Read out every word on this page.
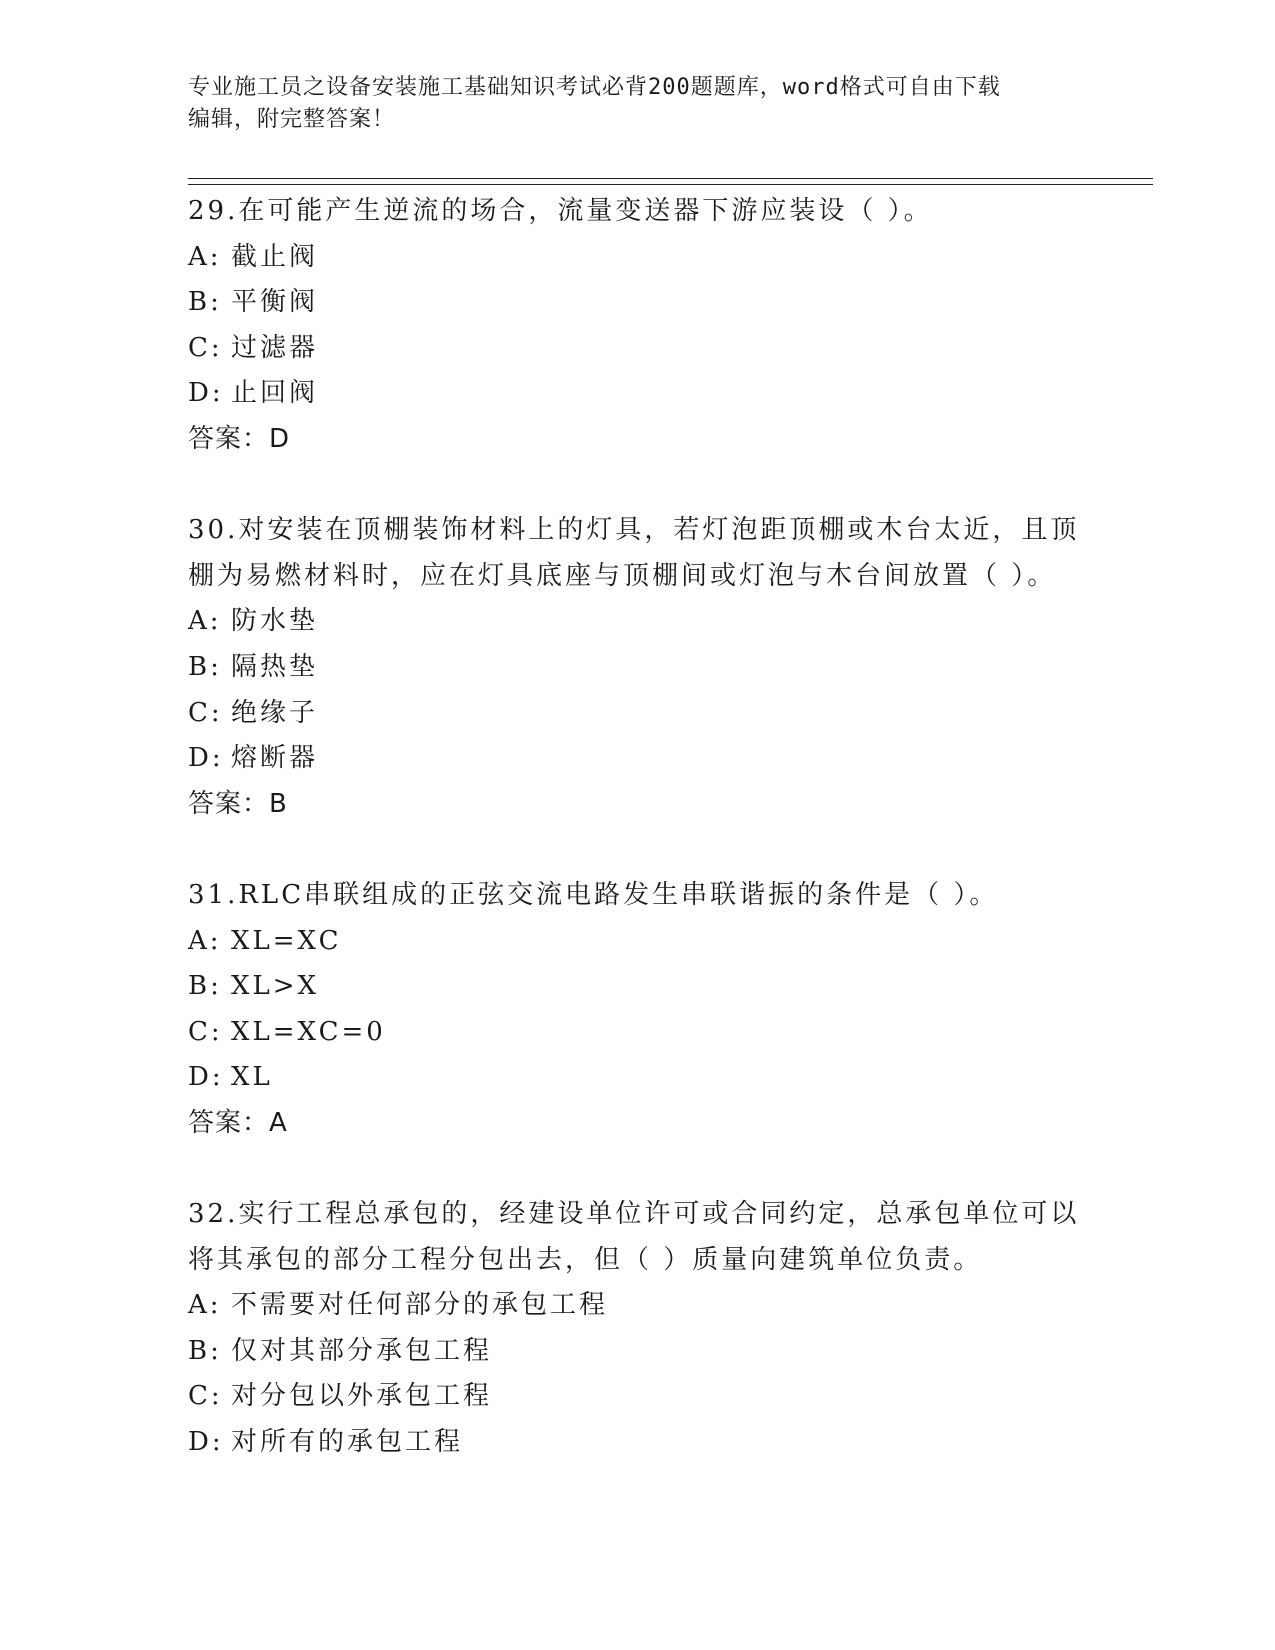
专业施工员之设备安装施工基础知识考试必背200题题库，word格式可自由下载
编辑，附完整答案！
29.在可能产生逆流的场合，流量变送器下游应装设（ ）。
A: 截止阀
B: 平衡阀
C: 过滤器
D: 止回阀
答案：D
30.对安装在顶棚装饰材料上的灯具，若灯泡距顶棚或木台太近，且顶
棚为易燃材料时，应在灯具底座与顶棚间或灯泡与木台间放置（ ）。
A: 防水垫
B: 隔热垫
C: 绝缘子
D: 熔断器
答案：B
31.RLC串联组成的正弦交流电路发生串联谐振的条件是（ ）。
A: XL=XC
B: XL>X
C: XL=XC=0
D: XL
答案：A
32.实行工程总承包的，经建设单位许可或合同约定，总承包单位可以
将其承包的部分工程分包出去，但（ ）质量向建筑单位负责。
A: 不需要对任何部分的承包工程
B: 仅对其部分承包工程
C: 对分包以外承包工程
D: 对所有的承包工程
